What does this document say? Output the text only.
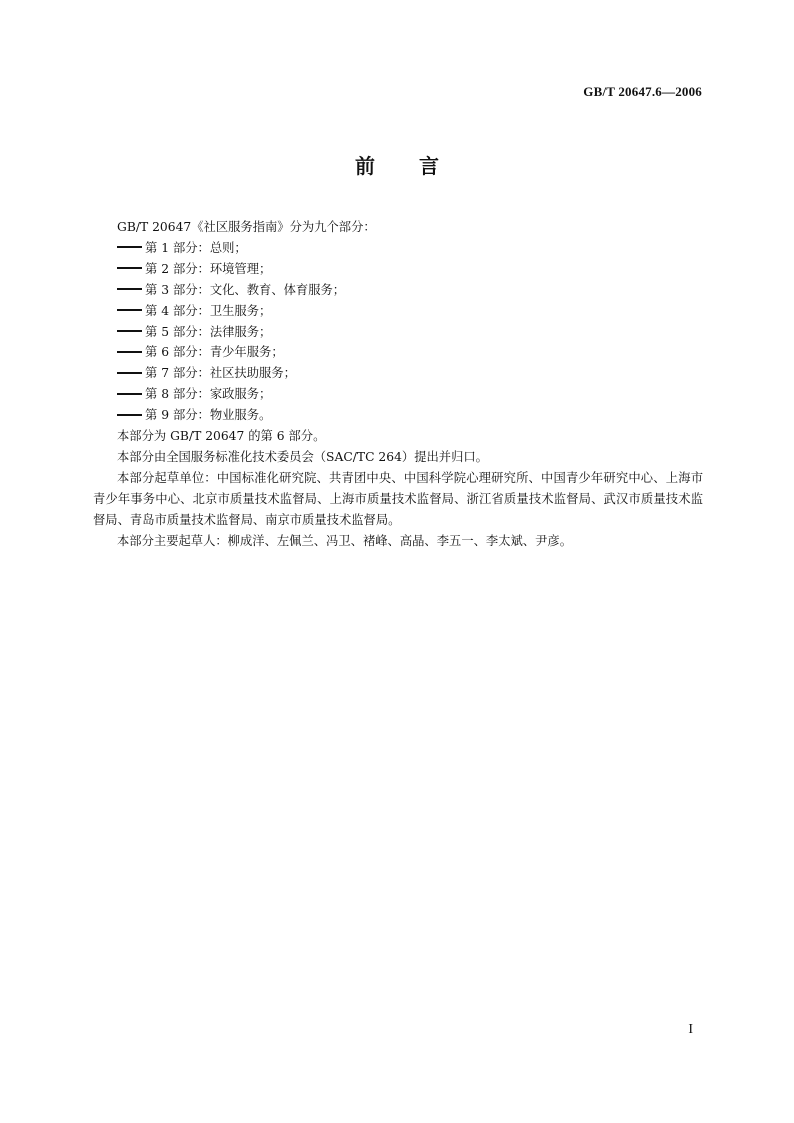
GB/T 20647.6—2006
前言

GB/T 20647《社区服务指南》分为九个部分：

第 1 部分：总则；

第 2 部分：环境管理；

第 3 部分：文化、教育、体育服务；

第 4 部分：卫生服务；

第 5 部分：法律服务；

第 6 部分：青少年服务；

第 7 部分：社区扶助服务；

第 8 部分：家政服务；

第 9 部分：物业服务。

本部分为 GB/T 20647 的第 6 部分。

本部分由全国服务标准化技术委员会（SAC/TC 264）提出并归口。

本部分起草单位：中国标准化研究院、共青团中央、中国科学院心理研究所、中国青少年研究中心、上海市青少年事务中心、北京市质量技术监督局、上海市质量技术监督局、浙江省质量技术监督局、武汉市质量技术监督局、青岛市质量技术监督局、南京市质量技术监督局。

本部分主要起草人：柳成洋、左佩兰、冯卫、褚峰、高晶、李五一、李太斌、尹彦。

I
